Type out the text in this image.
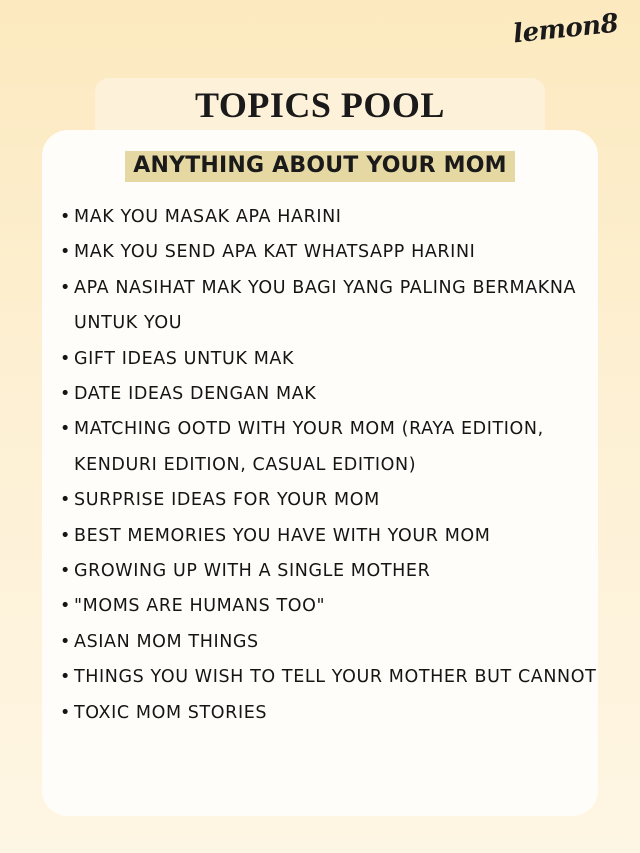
lemon8
TOPICS POOL
ANYTHING ABOUT YOUR MOM
• MAK YOU MASAK APA HARINI
• MAK YOU SEND APA KAT WHATSAPP HARINI
• APA NASIHAT MAK YOU BAGI YANG PALING BERMAKNA UNTUK YOU
• GIFT IDEAS UNTUK MAK
• DATE IDEAS DENGAN MAK
• MATCHING OOTD WITH YOUR MOM (RAYA EDITION, KENDURI EDITION, CASUAL EDITION)
• SURPRISE IDEAS FOR YOUR MOM
• BEST MEMORIES YOU HAVE WITH YOUR MOM
• GROWING UP WITH A SINGLE MOTHER
• "MOMS ARE HUMANS TOO"
• ASIAN MOM THINGS
• THINGS YOU WISH TO TELL YOUR MOTHER BUT CANNOT
• TOXIC MOM STORIES
